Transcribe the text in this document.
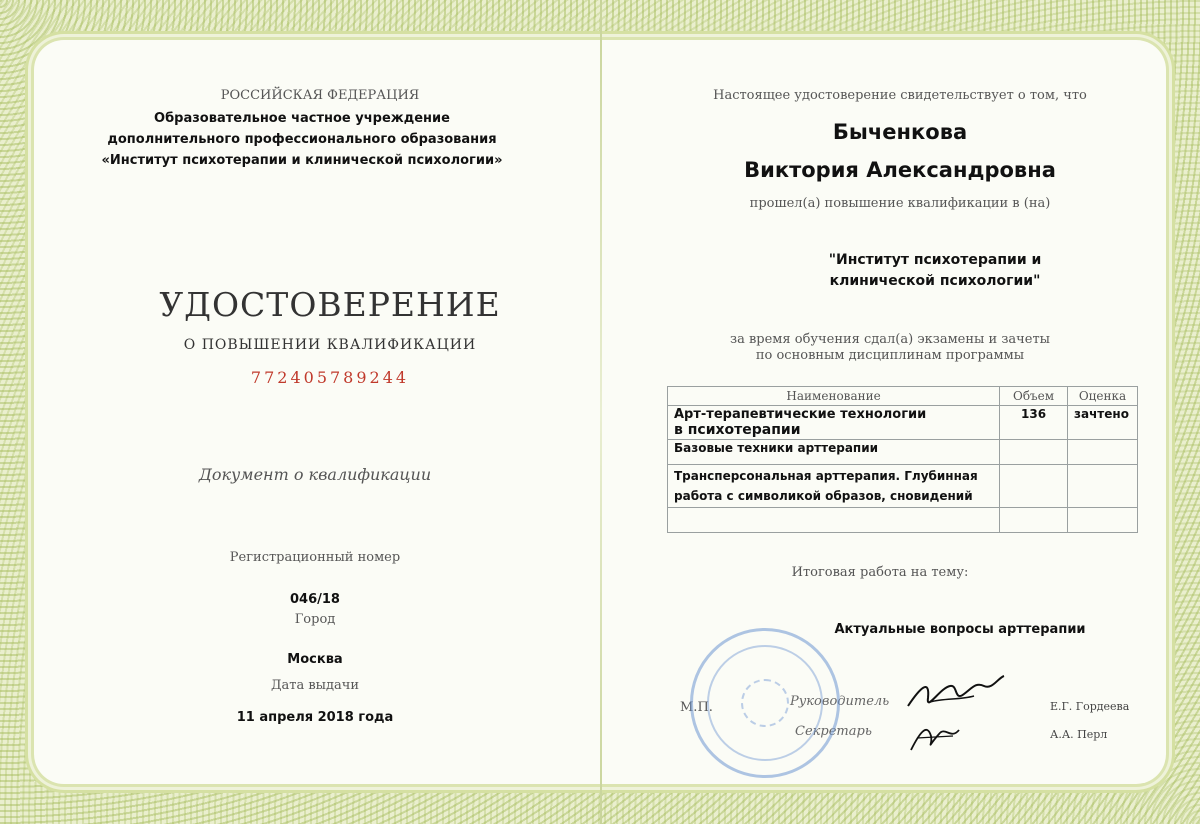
РОССИЙСКАЯ ФЕДЕРАЦИЯ
Образовательное частное учреждение дополнительного профессионального образования «Институт психотерапии и клинической психологии»
УДОСТОВЕРЕНИЕ
О ПОВЫШЕНИИ КВАЛИФИКАЦИИ
772405789244
Документ о квалификации
Регистрационный номер
046/18
Город
Москва
Дата выдачи
11 апреля 2018 года
Настоящее удостоверение свидетельствует о том, что
Быченкова
Виктория Александровна
прошел(а) повышение квалификации в (на)
"Институт психотерапии и клинической психологии"
за время обучения сдал(а) экзамены и зачеты
по основным дисциплинам программы
Наименование	Объем	Оценка

Арт-терапевтические технологии
в психотерапии	136	зачтено
Базовые техники арттерапии		

Трансперсональная арттерапия. Глубинная
работа с символикой образов, сновидений		

Итоговая работа на тему:
Актуальные вопросы арттерапии
М.П.	Руководитель
Секретарь
Е.Г. Гордеева
А.А. Перл
